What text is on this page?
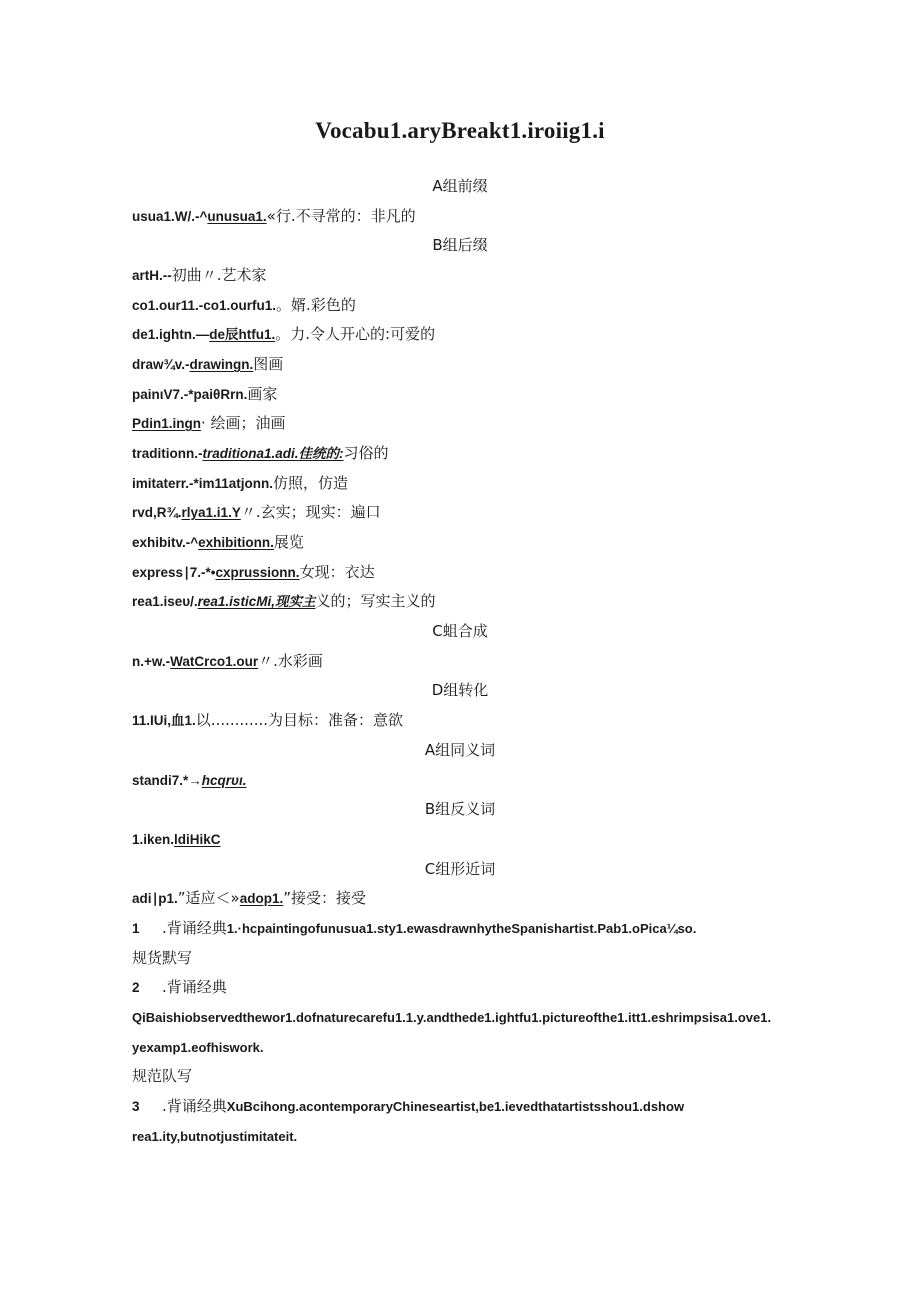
Vocabu1.aryBreakt1.iroiig1.i
A组前缀
usua1.W/.-^unusua1.«行.不寻常的：非凡的
B组后缀
artH.--初曲〃.艺术家
co1.our11.-co1.ourfu1.。婿.彩色的
de1.ightn.—de辰htfu1.。力.令人开心的:可爱的
draw¾v.-drawingn.图画
painιV7.-*paiθRrn.画家
Pdin1.ingn· 绘画；油画
traditionn.-traditiona1.adi.佳统的:习俗的
imitaterr.-*im11atjonn.仿照，仿造
rvd,R¾.rlya1.i1.Y〃.玄实；现实：遍口
exhibitv.-^exhibitionn.展览
express∣7.-*•cxprussionn.女现：衣达
rea1.iseυ/.rea1.isticMi,现实主义的；写实主义的
C蛆合成
n.+w.-WatCrco1.our〃.水彩画
D组转化
11.IUi,血1.以............为目标：准备：意欲
A组同义词
standi7.*→hcqrυι.
B组反义词
1.iken.ldiHikC
C组形近词
adi∣p1.”适应＜»adop1.”接受：接受
1 .背诵经典1.·hcpaintingofunusua1.sty1.ewasdrawnhytheSpanishartist.Pab1.oPica¼so.
规货默写
2 .背诵经典
QiBaishiobservedthewor1.dofnaturecarefu1.1.y.andthede1.ightfu1.pictureofthe1.itt1.eshrimpsisa1.ove1.
yexamp1.eofhiswork.
规范队写
3 .背诵经典XuBcihong.acontemporaryChineseartist,be1.ievedthatartistsshou1.dshow
rea1.ity,butnotjustimitateit.
